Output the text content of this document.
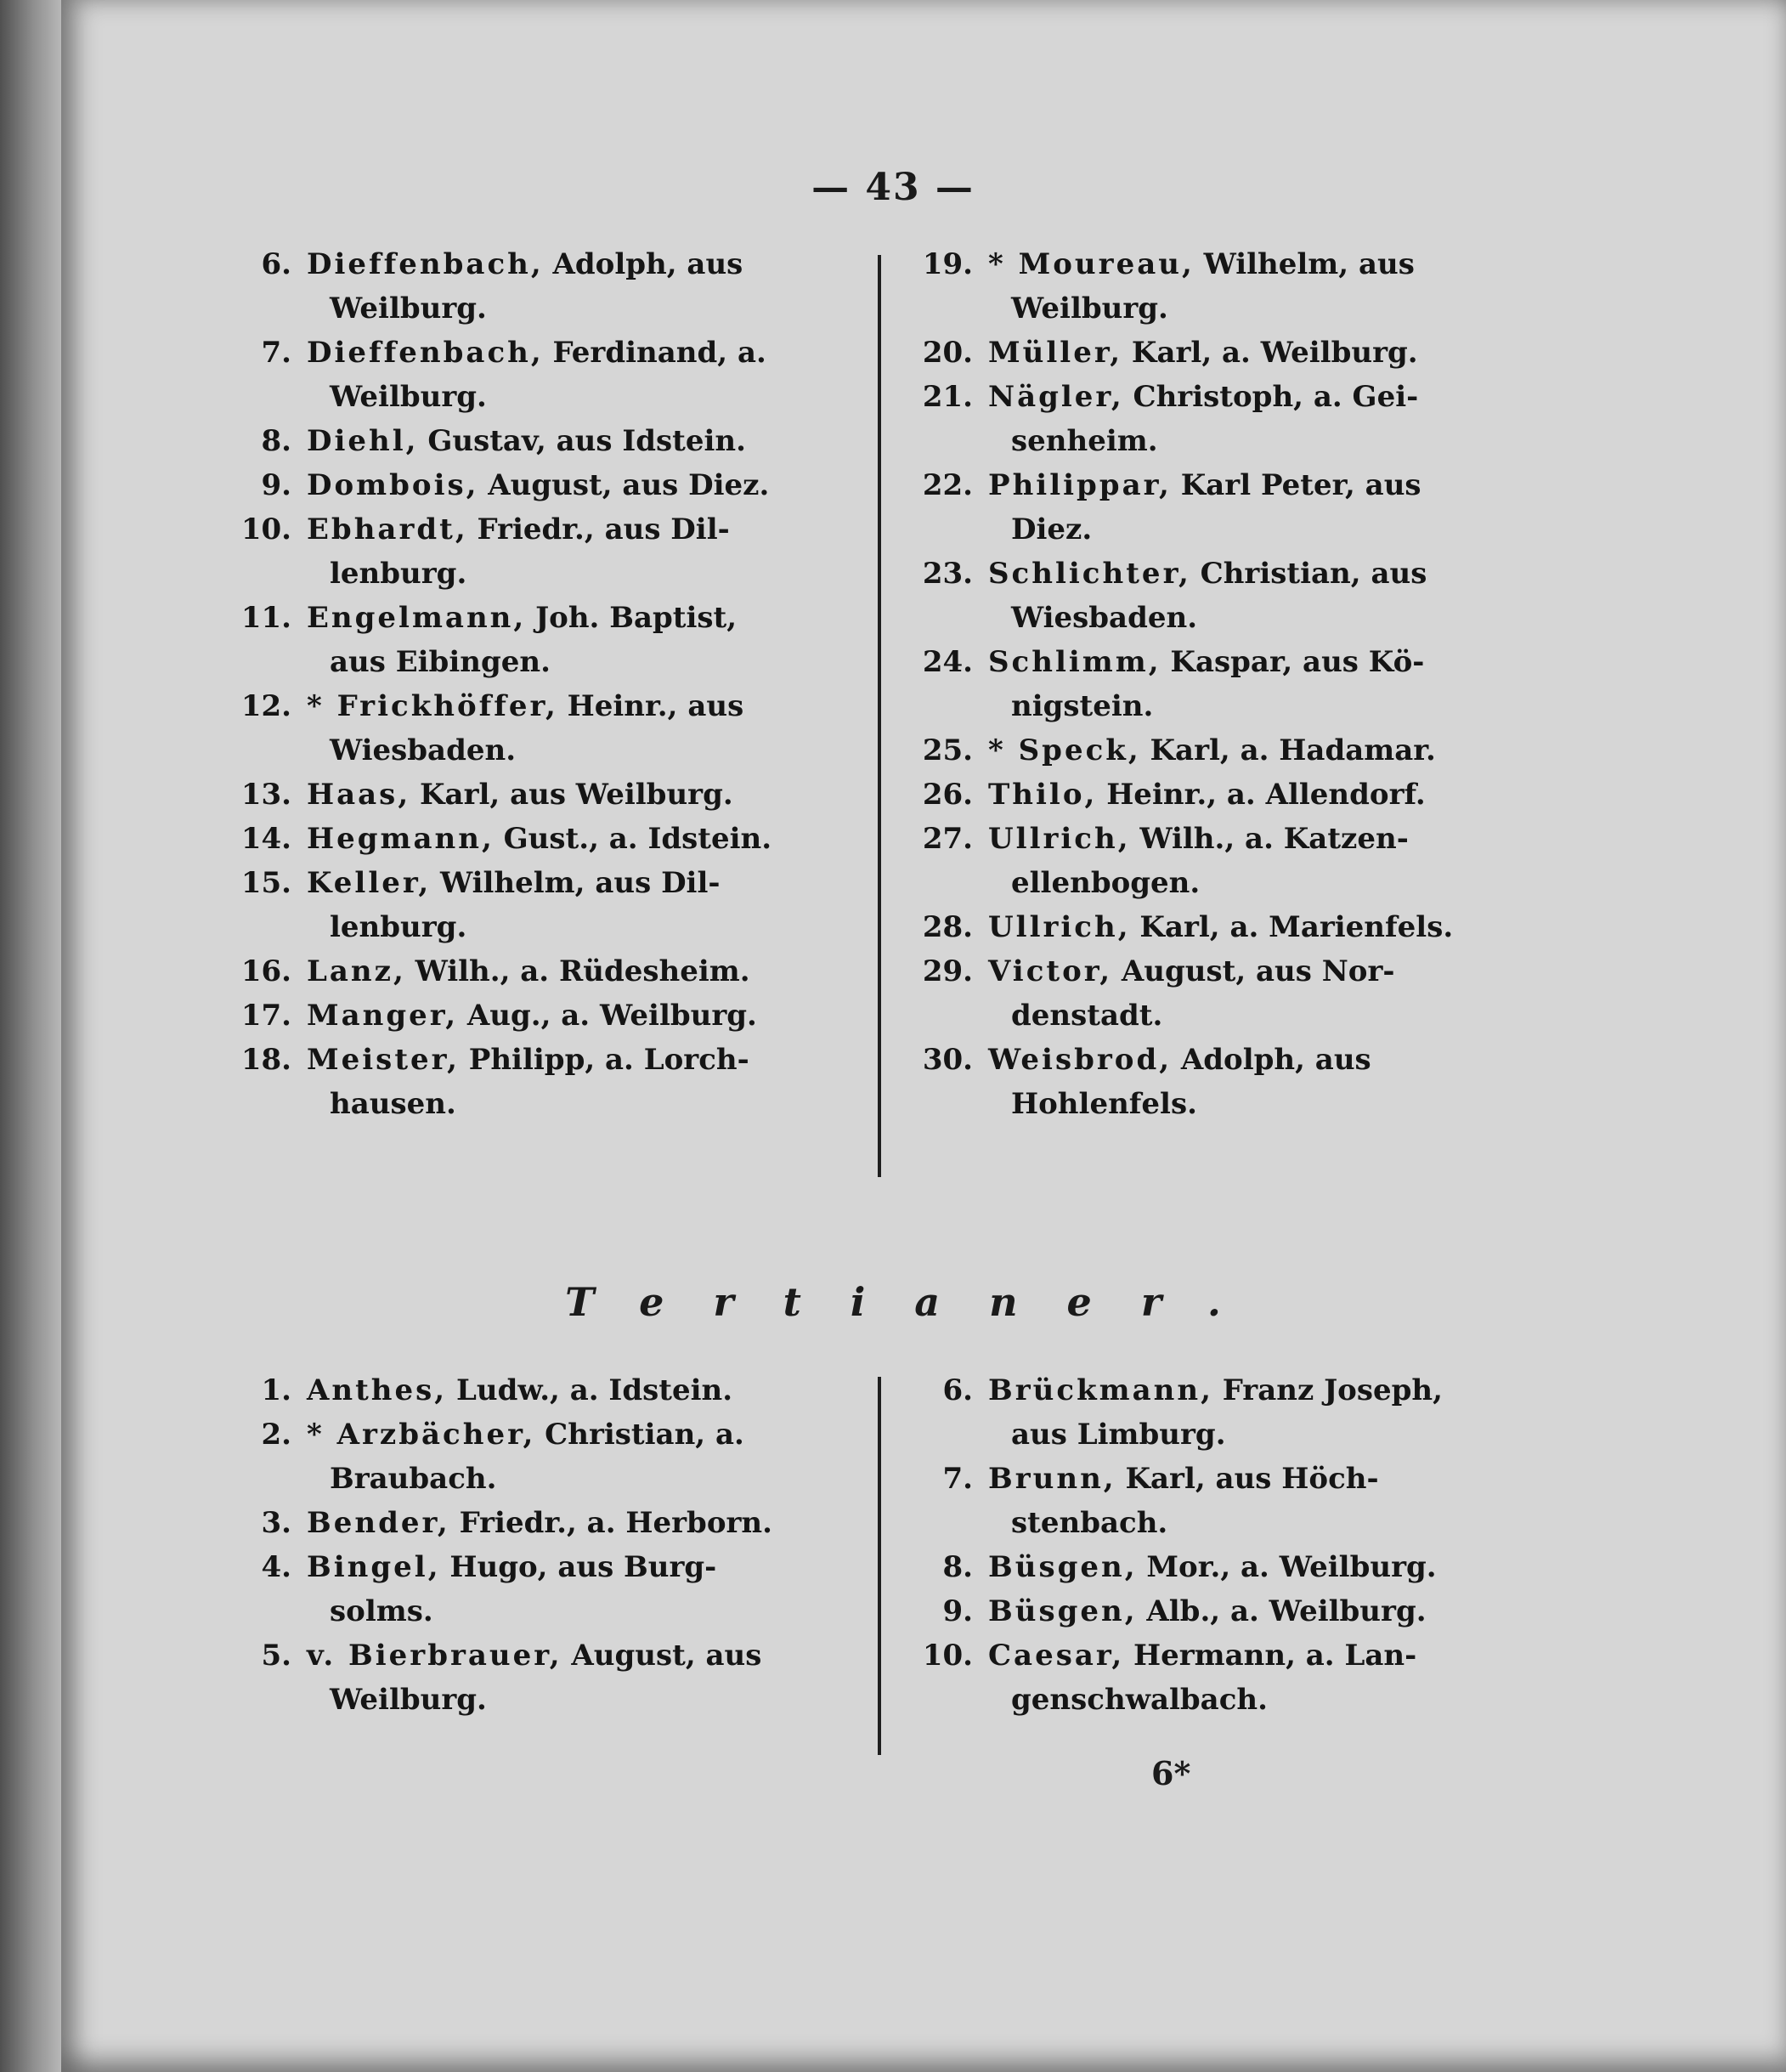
— 43 —
6. Dieffenbach, Adolph, aus
Weilburg.
7. Dieffenbach, Ferdinand, a.
Weilburg.
8. Diehl, Gustav, aus Idstein.
9. Dombois, August, aus Diez.
10. Ebhardt, Friedr., aus Dil-
lenburg.
11. Engelmann, Joh. Baptist,
aus Eibingen.
12. * Frickhöffer, Heinr., aus
Wiesbaden.
13. Haas, Karl, aus Weilburg.
14. Hegmann, Gust., a. Idstein.
15. Keller, Wilhelm, aus Dil-
lenburg.
16. Lanz, Wilh., a. Rüdesheim.
17. Manger, Aug., a. Weilburg.
18. Meister, Philipp, a. Lorch-
hausen.
19. * Moureau, Wilhelm, aus
Weilburg.
20. Müller, Karl, a. Weilburg.
21. Nägler, Christoph, a. Gei-
senheim.
22. Philippar, Karl Peter, aus
Diez.
23. Schlichter, Christian, aus
Wiesbaden.
24. Schlimm, Kaspar, aus Kö-
nigstein.
25. * Speck, Karl, a. Hadamar.
26. Thilo, Heinr., a. Allendorf.
27. Ullrich, Wilh., a. Katzen-
ellenbogen.
28. Ullrich, Karl, a. Marienfels.
29. Victor, August, aus Nor-
denstadt.
30. Weisbrod, Adolph, aus
Hohlenfels.
Tertianer.
1. Anthes, Ludw., a. Idstein.
2. * Arzbächer, Christian, a.
Braubach.
3. Bender, Friedr., a. Herborn.
4. Bingel, Hugo, aus Burg-
solms.
5. v. Bierbrauer, August, aus
Weilburg.
6. Brückmann, Franz Joseph,
aus Limburg.
7. Brunn, Karl, aus Höch-
stenbach.
8. Büsgen, Mor., a. Weilburg.
9. Büsgen, Alb., a. Weilburg.
10. Caesar, Hermann, a. Lan-
genschwalbach.
6*
